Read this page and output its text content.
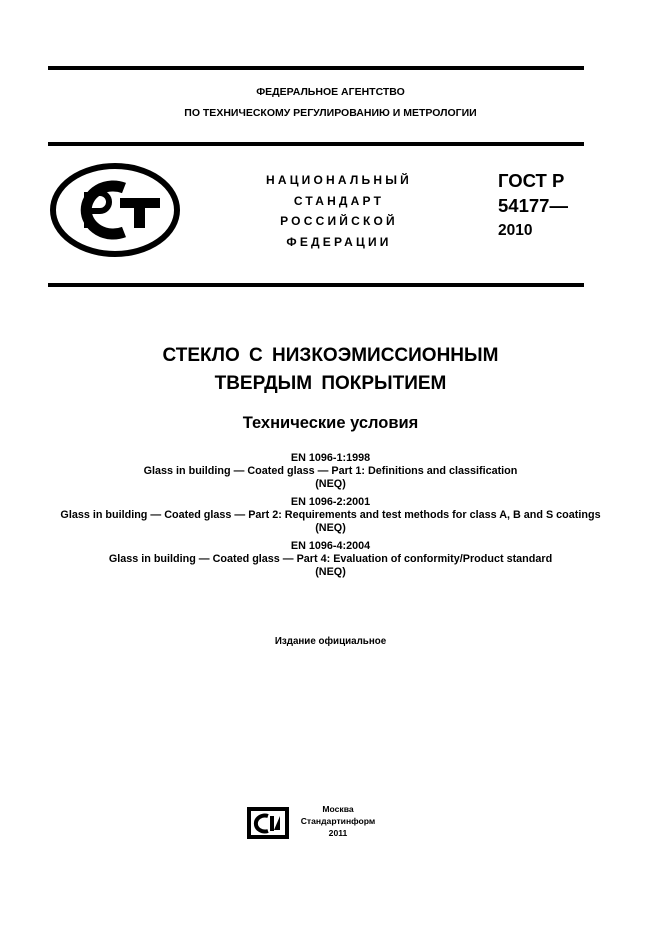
ФЕДЕРАЛЬНОЕ АГЕНТСТВО
ПО ТЕХНИЧЕСКОМУ РЕГУЛИРОВАНИЮ И МЕТРОЛОГИИ
НАЦИОНАЛЬНЫЙ
СТАНДАРТ
РОССИЙСКОЙ
ФЕДЕРАЦИИ
ГОСТ Р
54177—
2010
СТЕКЛО С НИЗКОЭМИССИОННЫМ
ТВЕРДЫМ ПОКРЫТИЕМ
Технические условия
EN 1096-1:1998
Glass in building — Coated glass — Part 1: Definitions and classification
(NEQ)
EN 1096-2:2001
Glass in building — Coated glass — Part 2: Requirements and test methods for class A, B and S coatings
(NEQ)
EN 1096-4:2004
Glass in building — Coated glass — Part 4: Evaluation of conformity/Product standard
(NEQ)
Издание официальное
Москва
Стандартинформ
2011
